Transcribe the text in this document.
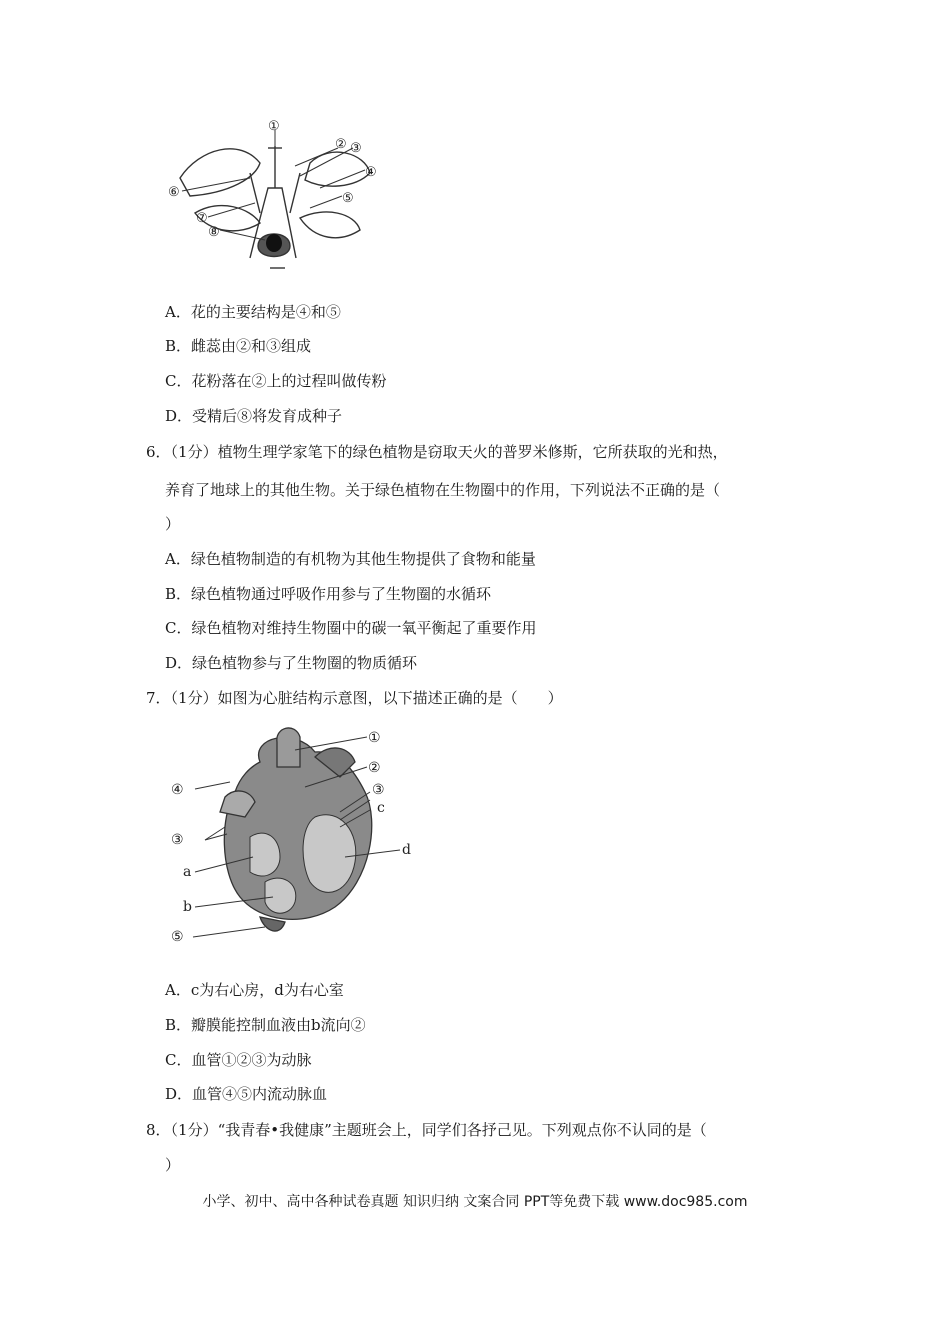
①
② ③
④
⑤
⑥
⑦
⑧
A．花的主要结构是④和⑤
B．雌蕊由②和③组成
C．花粉落在②上的过程叫做传粉
D．受精后⑧将发育成种子
6．（1分）植物生理学家笔下的绿色植物是窃取天火的普罗米修斯，它所获取的光和热，
养育了地球上的其他生物。关于绿色植物在生物圈中的作用，下列说法不正确的是（
）
A．绿色植物制造的有机物为其他生物提供了食物和能量
B．绿色植物通过呼吸作用参与了生物圈的水循环
C．绿色植物对维持生物圈中的碳一氧平衡起了重要作用
D．绿色植物参与了生物圈的物质循环
7．（1分）如图为心脏结构示意图，以下描述正确的是（　　）
①
②
③
c
d
④
③
a
b
⑤
A．c为右心房，d为右心室
B．瓣膜能控制血液由b流向②
C．血管①②③为动脉
D．血管④⑤内流动脉血
8．（1分）“我青春•我健康”主题班会上，同学们各抒己见。下列观点你不认同的是（
）
小学、初中、高中各种试卷真题 知识归纳 文案合同 PPT等免费下载 www.doc985.com
